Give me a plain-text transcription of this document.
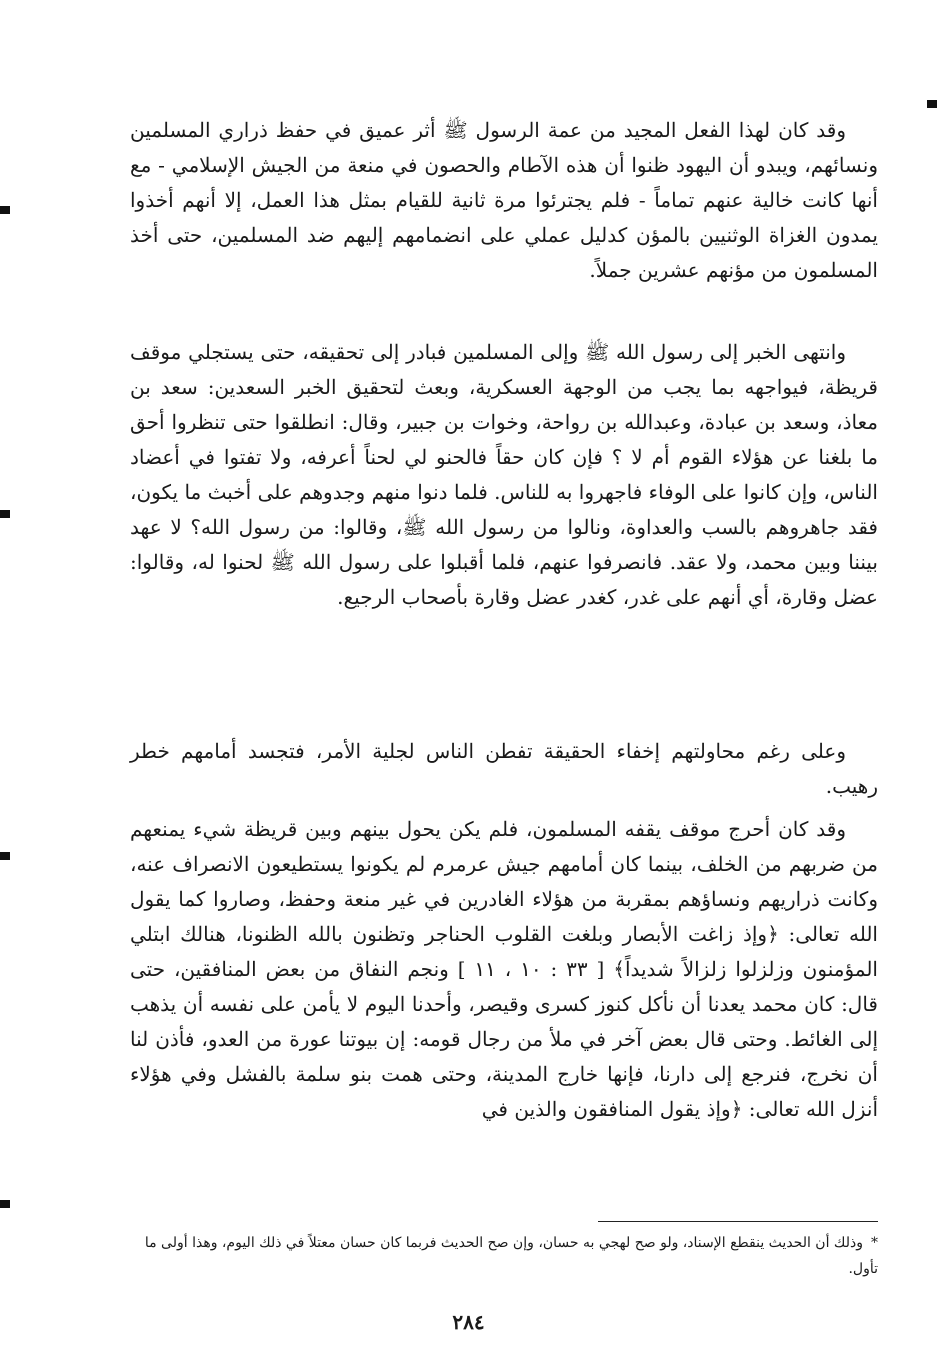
وقد كان لهذا الفعل المجيد من عمة الرسول ﷺ أثر عميق في حفظ ذراري المسلمين ونسائهم، ويبدو أن اليهود ظنوا أن هذه الآطام والحصون في منعة من الجيش الإسلامي - مع أنها كانت خالية عنهم تماماً - فلم يجترئوا مرة ثانية للقيام بمثل هذا العمل، إلا أنهم أخذوا يمدون الغزاة الوثنيين بالمؤن كدليل عملي على انضمامهم إليهم ضد المسلمين، حتى أخذ المسلمون من مؤنهم عشرين جملاً.

وانتهى الخبر إلى رسول الله ﷺ وإلى المسلمين فبادر إلى تحقيقه، حتى يستجلي موقف قريظة، فيواجهه بما يجب من الوجهة العسكرية، وبعث لتحقيق الخبر السعدين: سعد بن معاذ، وسعد بن عبادة، وعبدالله بن رواحة، وخوات بن جبير، وقال: انطلقوا حتى تنظروا أحق ما بلغنا عن هؤلاء القوم أم لا ؟ فإن كان حقاً فالحنو لي لحناً أعرفه، ولا تفتوا في أعضاد الناس، وإن كانوا على الوفاء فاجهروا به للناس. فلما دنوا منهم وجدوهم على أخبث ما يكون، فقد جاهروهم بالسب والعداوة، ونالوا من رسول الله ﷺ، وقالوا: من رسول الله؟ لا عهد بيننا وبين محمد، ولا عقد. فانصرفوا عنهم، فلما أقبلوا على رسول الله ﷺ لحنوا له، وقالوا: عضل وقارة، أي أنهم على غدر، كغدر عضل وقارة بأصحاب الرجيع.

وعلى رغم محاولتهم إخفاء الحقيقة تفطن الناس لجلية الأمر، فتجسد أمامهم خطر رهيب.

وقد كان أحرج موقف يقفه المسلمون، فلم يكن يحول بينهم وبين قريظة شيء يمنعهم من ضربهم من الخلف، بينما كان أمامهم جيش عرمرم لم يكونوا يستطيعون الانصراف عنه، وكانت ذراريهم ونساؤهم بمقربة من هؤلاء الغادرين في غير منعة وحفظ، وصاروا كما يقول الله تعالى: ﴿وإذ زاغت الأبصار وبلغت القلوب الحناجر وتظنون بالله الظنونا، هنالك ابتلي المؤمنون وزلزلوا زلزالاً شديداً﴾ [ ٣٣ : ١٠ ، ١١ ] ونجم النفاق من بعض المنافقين، حتى قال: كان محمد يعدنا أن نأكل كنوز كسرى وقيصر، وأحدنا اليوم لا يأمن على نفسه أن يذهب إلى الغائط. وحتى قال بعض آخر في ملأ من رجال قومه: إن بيوتنا عورة من العدو، فأذن لنا أن نخرج، فنرجع إلى دارنا، فإنها خارج المدينة، وحتى همت بنو سلمة بالفشل وفي هؤلاء أنزل الله تعالى: ﴿وإذ يقول المنافقون والذين في

*وذلك أن الحديث ينقطع الإسناد، ولو صح لهجي به حسان، وإن صح الحديث فربما كان حسان معتلاً في ذلك اليوم، وهذا أولى ما تأول.
٢٨٤
